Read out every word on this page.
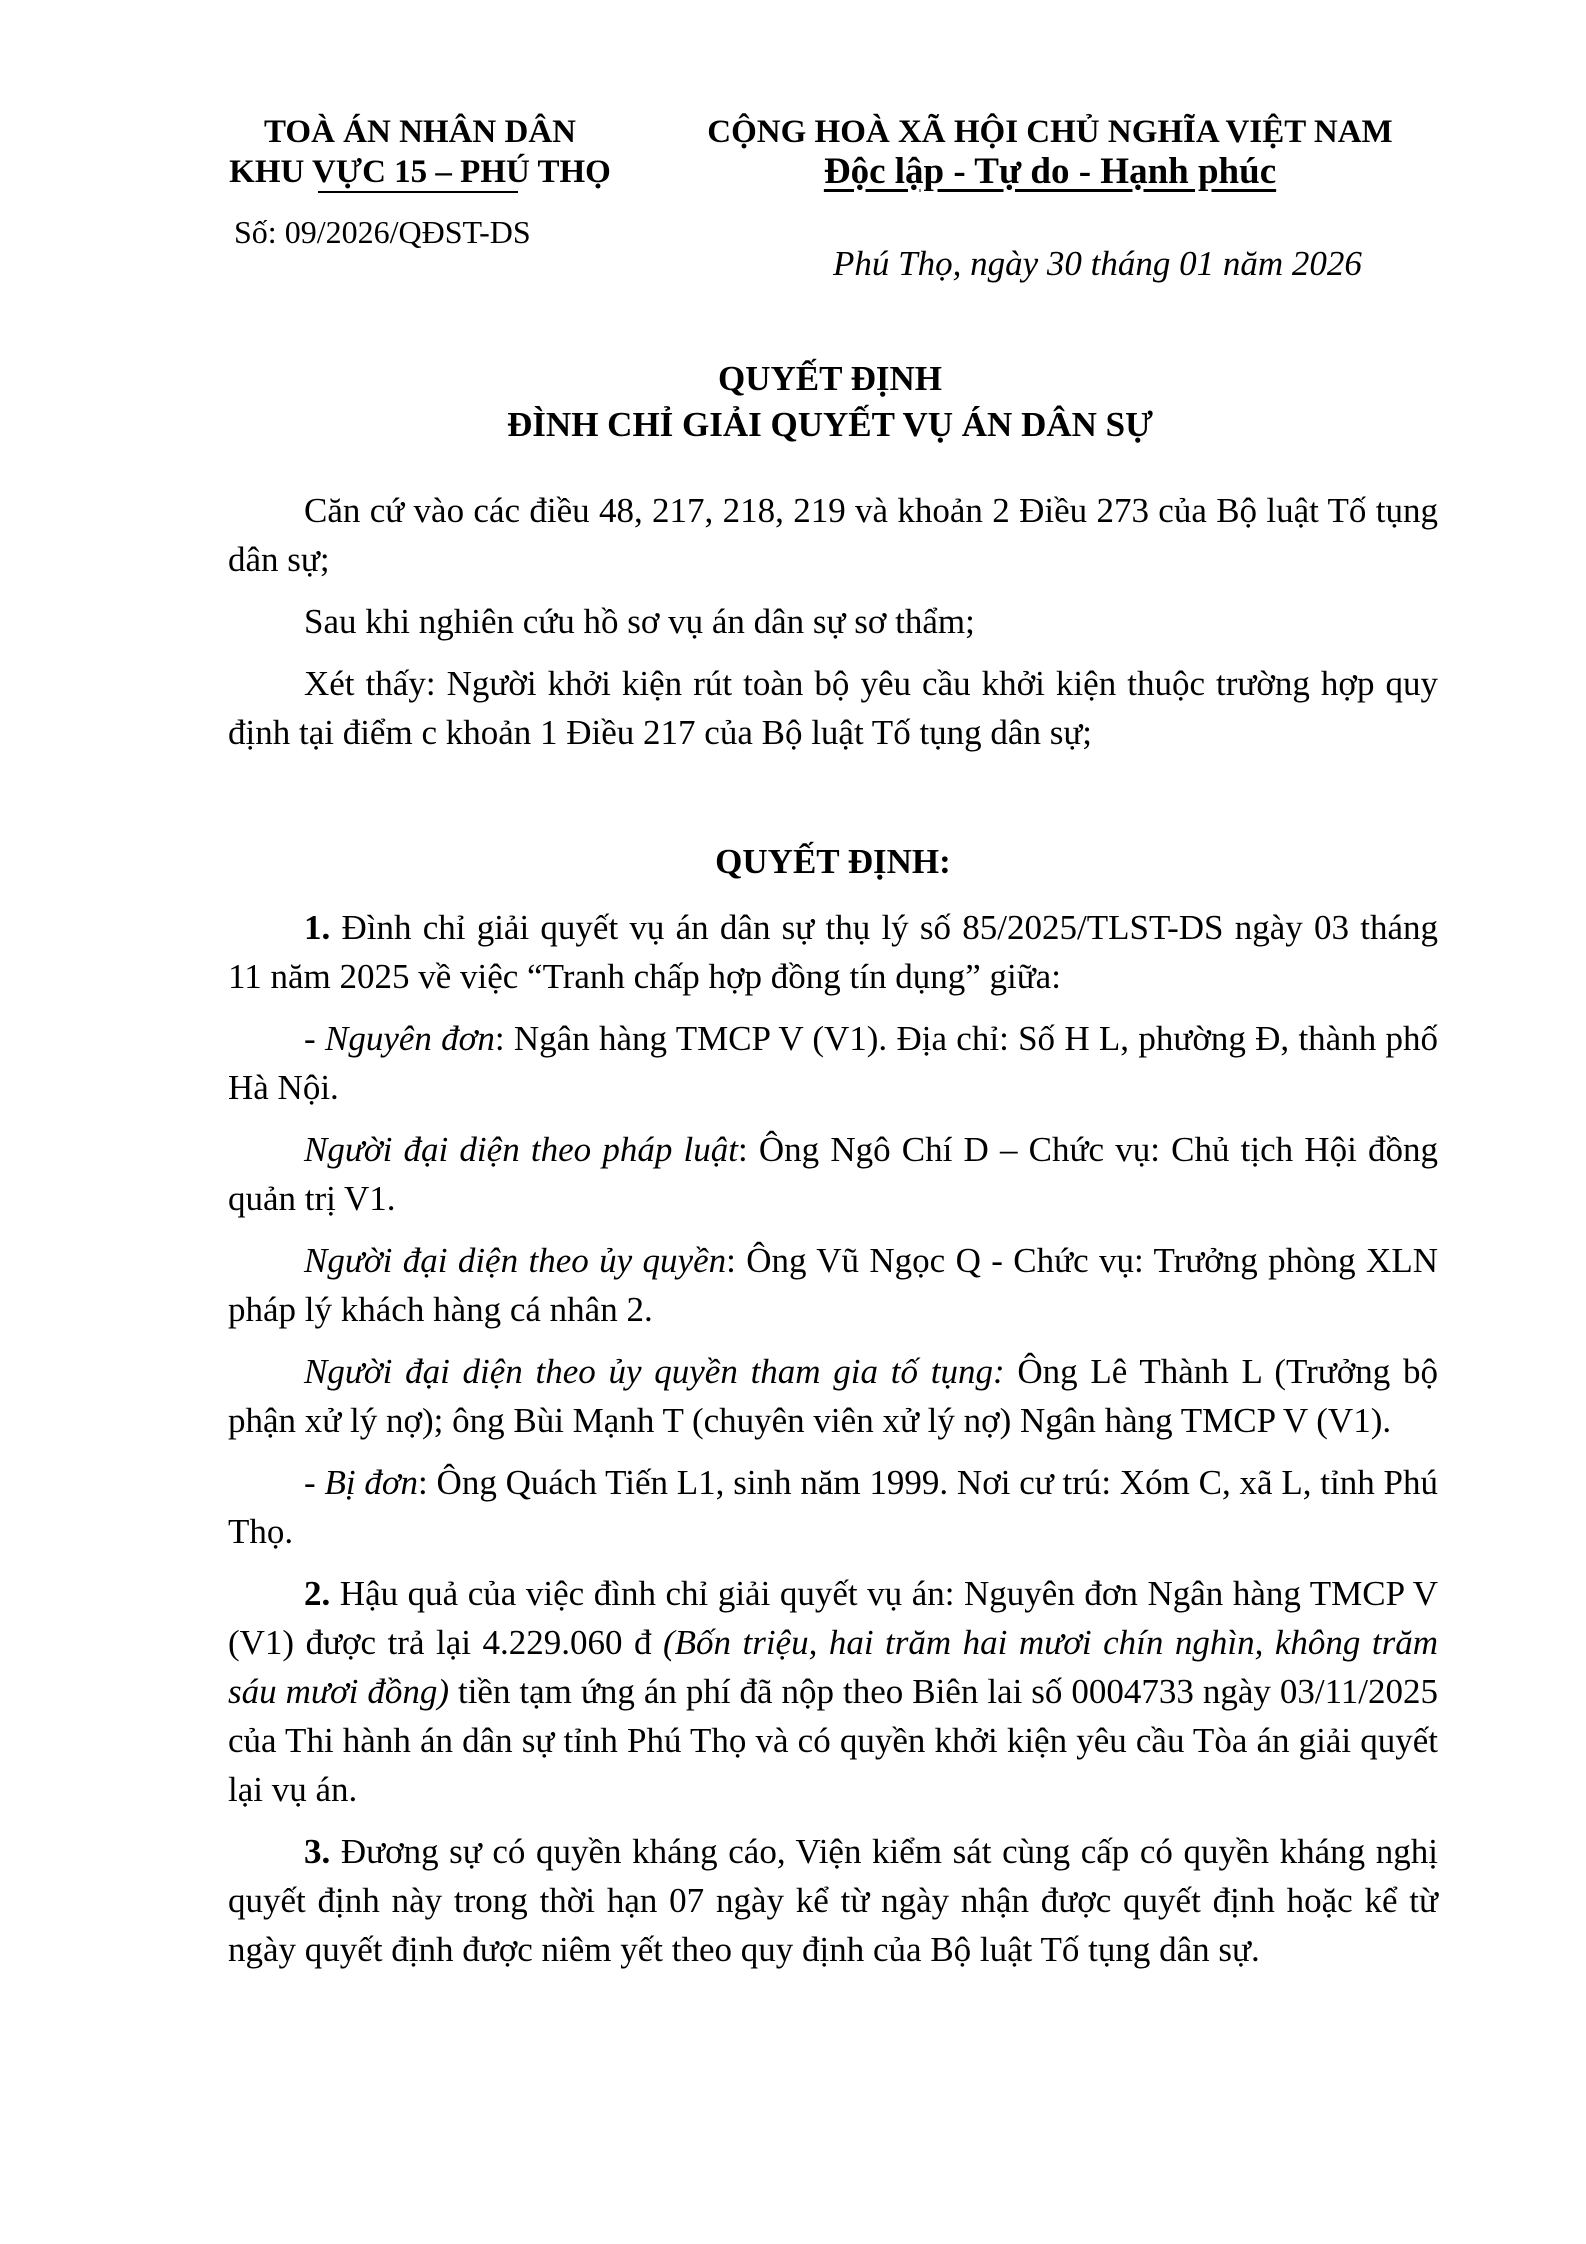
TOÀ ÁN NHÂN DÂN
KHU VỰC 15 – PHÚ THỌ
Số: 09/2026/QĐST-DS
CỘNG HOÀ XÃ HỘI CHỦ NGHĨA VIỆT NAM
Độc lập - Tự do - Hạnh phúc
Phú Thọ, ngày 30 tháng 01 năm 2026
QUYẾT ĐỊNH
ĐÌNH CHỈ GIẢI QUYẾT VỤ ÁN DÂN SỰ

Căn cứ vào các điều 48, 217, 218, 219 và khoản 2 Điều 273 của Bộ luật Tố tụng dân sự;

Sau khi nghiên cứu hồ sơ vụ án dân sự sơ thẩm;

Xét thấy: Người khởi kiện rút toàn bộ yêu cầu khởi kiện thuộc trường hợp quy định tại điểm c khoản 1 Điều 217 của Bộ luật Tố tụng dân sự;

QUYẾT ĐỊNH:

1. Đình chỉ giải quyết vụ án dân sự thụ lý số 85/2025/TLST-DS ngày 03 tháng 11 năm 2025 về việc “Tranh chấp hợp đồng tín dụng” giữa:

- Nguyên đơn: Ngân hàng TMCP V (V1). Địa chỉ: Số H L, phường Đ, thành phố Hà Nội.

Người đại diện theo pháp luật: Ông Ngô Chí D – Chức vụ: Chủ tịch Hội đồng quản trị V1.

Người đại diện theo ủy quyền: Ông Vũ Ngọc Q - Chức vụ: Trưởng phòng XLN pháp lý khách hàng cá nhân 2.

Người đại diện theo ủy quyền tham gia tố tụng: Ông Lê Thành L (Trưởng bộ phận xử lý nợ); ông Bùi Mạnh T (chuyên viên xử lý nợ) Ngân hàng TMCP V (V1).

- Bị đơn: Ông Quách Tiến L1, sinh năm 1999. Nơi cư trú: Xóm C, xã L, tỉnh Phú Thọ.

2. Hậu quả của việc đình chỉ giải quyết vụ án: Nguyên đơn Ngân hàng TMCP V (V1) được trả lại 4.229.060 đ (Bốn triệu, hai trăm hai mươi chín nghìn, không trăm sáu mươi đồng) tiền tạm ứng án phí đã nộp theo Biên lai số 0004733 ngày 03/11/2025 của Thi hành án dân sự tỉnh Phú Thọ và có quyền khởi kiện yêu cầu Tòa án giải quyết lại vụ án.

3. Đương sự có quyền kháng cáo, Viện kiểm sát cùng cấp có quyền kháng nghị quyết định này trong thời hạn 07 ngày kể từ ngày nhận được quyết định hoặc kể từ ngày quyết định được niêm yết theo quy định của Bộ luật Tố tụng dân sự.
